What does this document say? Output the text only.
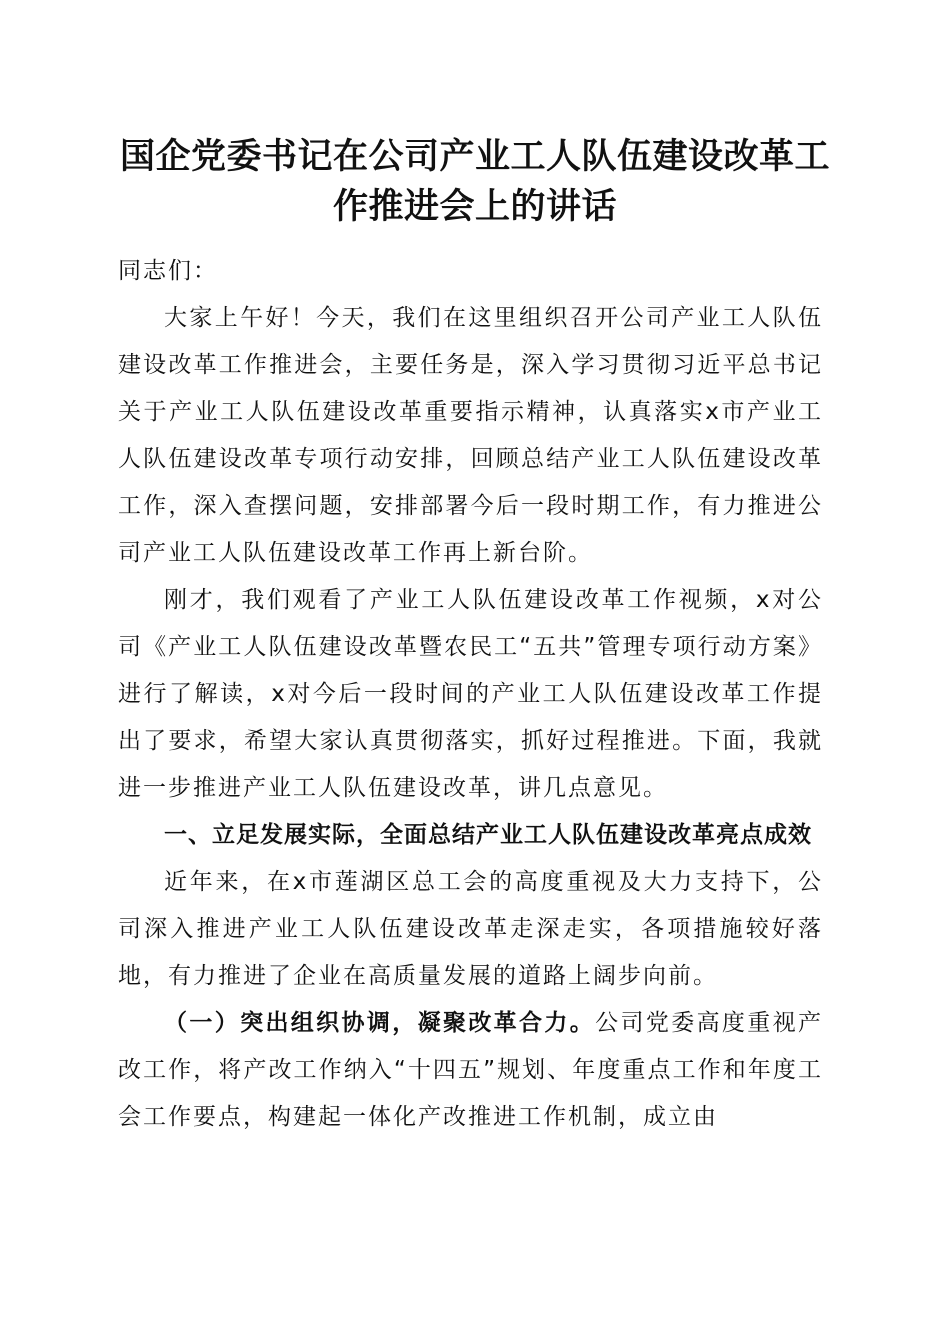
国企党委书记在公司产业工人队伍建设改革工
作推进会上的讲话

同志们：

大家上午好！今天，我们在这里组织召开公司产业工人队伍建设改革工作推进会，主要任务是，深入学习贯彻习近平总书记关于产业工人队伍建设改革重要指示精神，认真落实x市产业工人队伍建设改革专项行动安排，回顾总结产业工人队伍建设改革工作，深入查摆问题，安排部署今后一段时期工作，有力推进公司产业工人队伍建设改革工作再上新台阶。

刚才，我们观看了产业工人队伍建设改革工作视频，x对公司《产业工人队伍建设改革暨农民工“五共”管理专项行动方案》进行了解读，x对今后一段时间的产业工人队伍建设改革工作提出了要求，希望大家认真贯彻落实，抓好过程推进。下面，我就进一步推进产业工人队伍建设改革，讲几点意见。

一、立足发展实际，全面总结产业工人队伍建设改革亮点成效

近年来，在x市莲湖区总工会的高度重视及大力支持下，公司深入推进产业工人队伍建设改革走深走实，各项措施较好落地，有力推进了企业在高质量发展的道路上阔步向前。

（一）突出组织协调，凝聚改革合力。公司党委高度重视产改工作，将产改工作纳入“十四五”规划、年度重点工作和年度工会工作要点，构建起一体化产改推进工作机制，成立由
